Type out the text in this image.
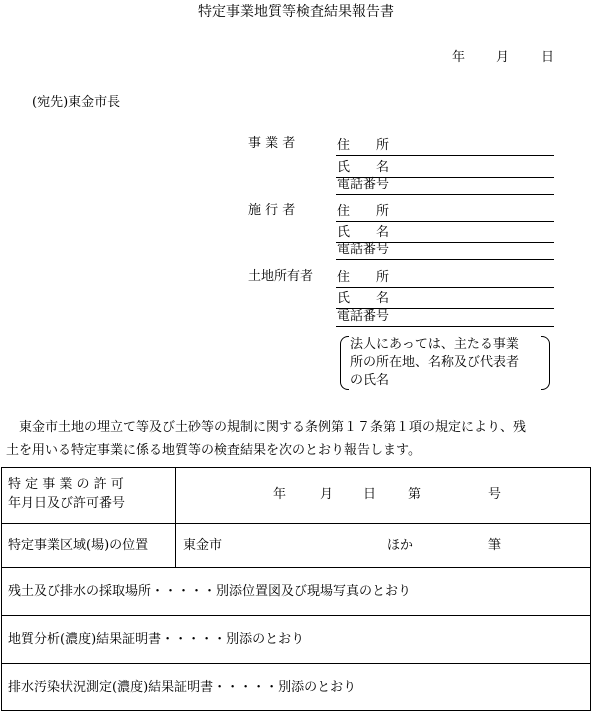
特定事業地質等検査結果報告書
年 月 日
(宛先)東金市長
事 業 者	住　　所
氏　　名
電話番号
施 行 者	住　　所
氏　　名
電話番号
土地所有者 住　　所
氏　　名
電話番号
法人にあっては、主たる事業
所の所在地、名称及び代表者
の氏名
　東金市土地の埋立て等及び土砂等の規制に関する条例第１７条第１項の規定により、残
土を用いる特定事業に係る地質等の検査結果を次のとおり報告します。
特 定 事 業 の 許 可
年月日及び許可番号
年	月 日 第	号
特定事業区域(場)の位置	東金市	ほか	筆
残土及び排水の採取場所・・・・・別添位置図及び現場写真のとおり
地質分析(濃度)結果証明書・・・・・別添のとおり
排水汚染状況測定(濃度)結果証明書・・・・・別添のとおり
